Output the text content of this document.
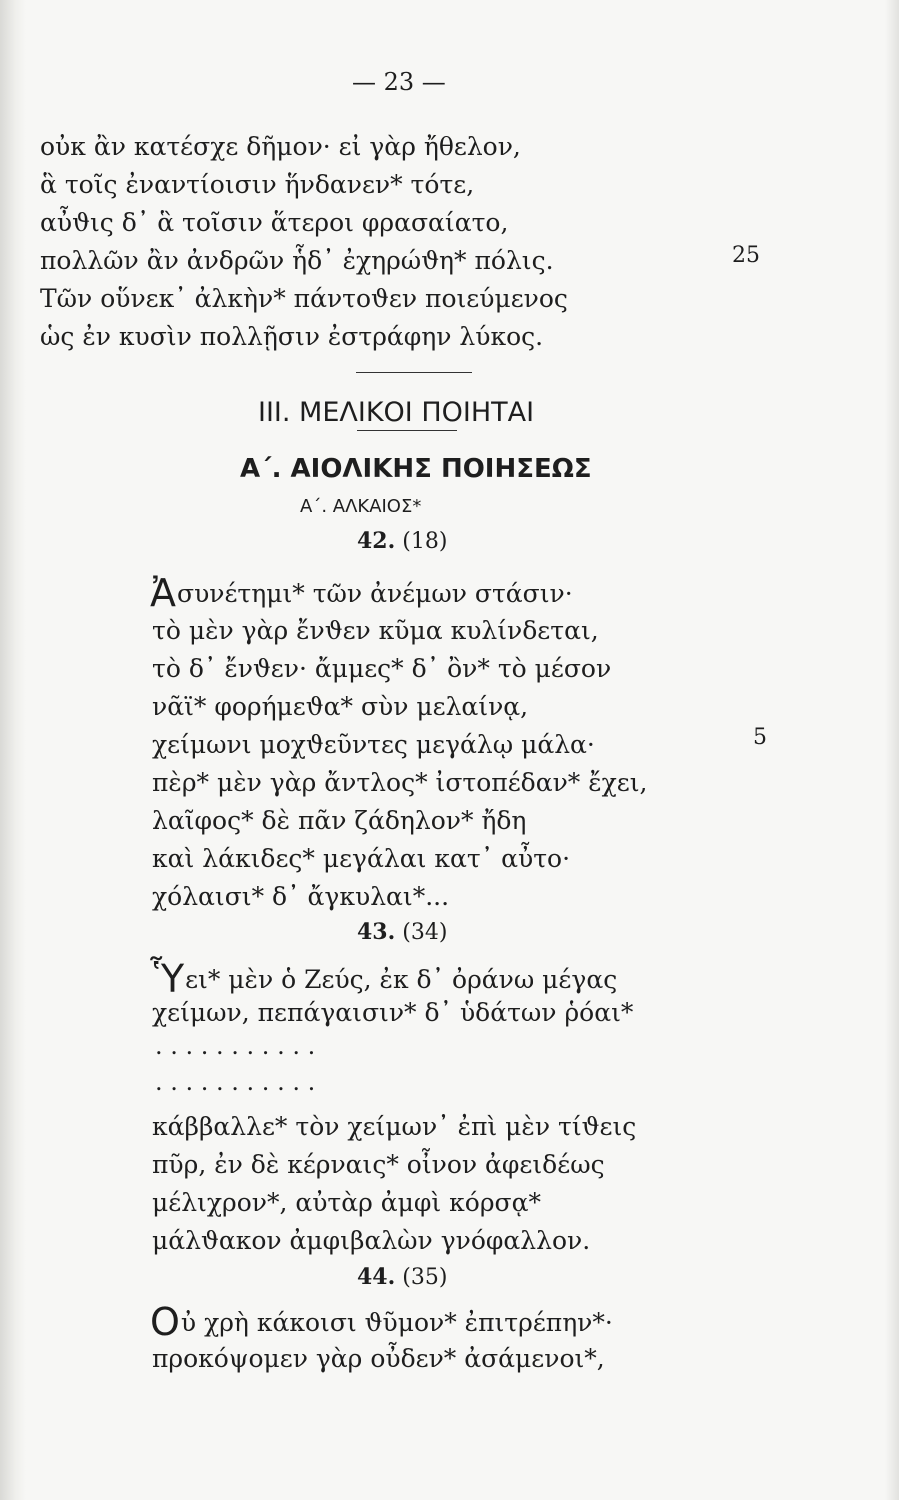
— 23 —
οὐκ ἂν κατέσχε δῆμον· εἰ γὰρ ἤθελον,
ἃ τοῖς ἐναντίοισιν ἥνδανεν* τότε,
αὖϑις δ᾽ ἃ τοῖσιν ἅτεροι φρασαίατο,
πολλῶν ἂν ἀνδρῶν ἧδ᾽ ἐχηρώϑη* πόλις.
Τῶν οὕνεκ᾽ ἀλκὴν* πάντοϑεν ποιεύμενος
ὡς ἐν κυσὶν πολλῇσιν ἐστράφην λύκος.
25
III. ΜΕΛΙΚΟΙ ΠΟΙΗΤΑΙ
Α΄. ΑΙΟΛΙΚΗΣ ΠΟΙΗΣΕΩΣ
Α΄. ΑΛΚΑΙΟΣ*
42. (18)
Ἀσυνέτημι* τῶν ἀνέμων στάσιν·
τὸ μὲν γὰρ ἔνϑεν κῦμα κυλίνδεται,
τὸ δ᾽ ἔνϑεν· ἄμμες* δ᾽ ὂν* τὸ μέσον
νᾶϊ* φορήμεϑα* σὺν μελαίνᾳ,
χείμωνι μοχϑεῦντες μεγάλῳ μάλα·
πὲρ* μὲν γὰρ ἄντλος* ἰστοπέδαν* ἔχει,
λαῖφος* δὲ πᾶν ζάδηλον* ἤδη
καὶ λάκιδες* μεγάλαι κατ᾽ αὖτο·
χόλαισι* δ᾽ ἄγκυλαι*...
5
43. (34)
Ὗει* μὲν ὁ Ζεύς, ἐκ δ᾽ ὀράνω μέγας
χείμων, πεπάγαισιν* δ᾽ ὑδάτων ῥόαι*
. . . . . . . . . . .
. . . . . . . . . . .
κάββαλλε* τὸν χείμων᾽ ἐπὶ μὲν τίϑεις
πῦρ, ἐν δὲ κέρναις* οἶνον ἀφειδέως
μέλιχρον*, αὐτὰρ ἀμφὶ κόρσᾳ*
μάλϑακον ἀμφιβαλὼν γνόφαλλον.
44. (35)
Οὐ χρὴ κάκοισι ϑῦμον* ἐπιτρέπην*·
προκόψομεν γὰρ οὖδεν* ἀσάμενοι*,
